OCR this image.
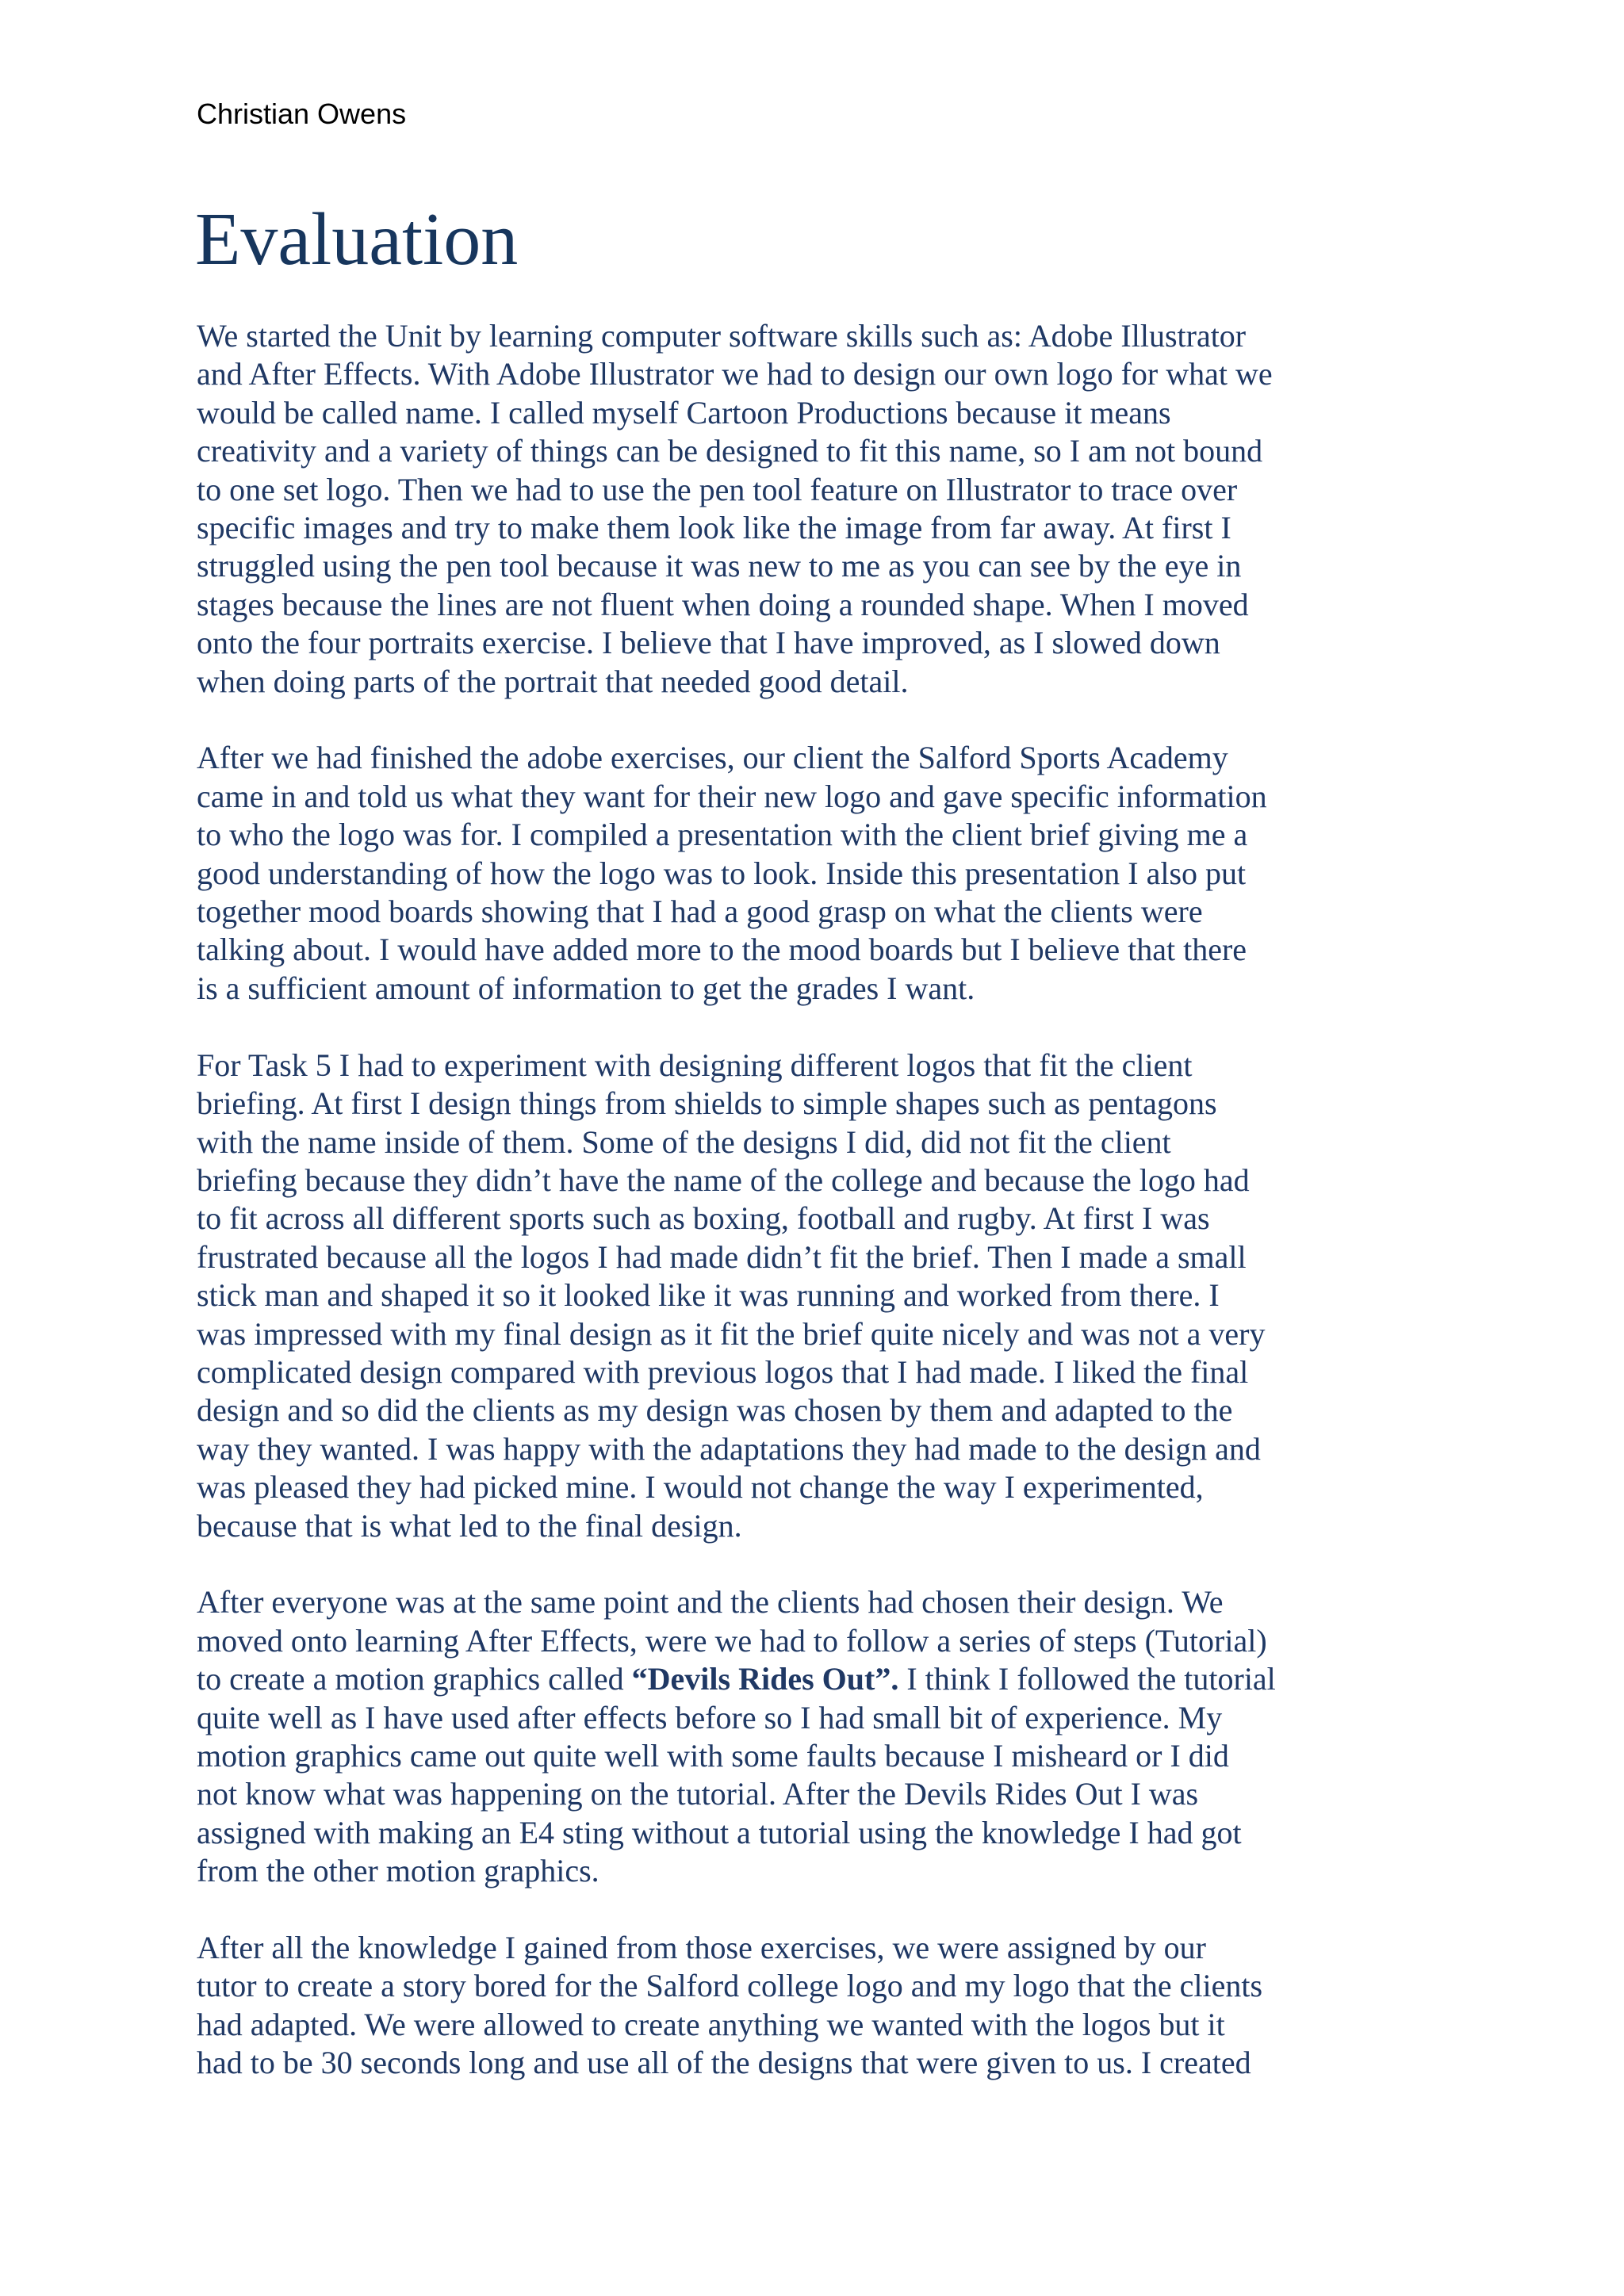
Christian Owens
Evaluation

We started the Unit by learning computer software skills such as: Adobe Illustrator
and After Effects. With Adobe Illustrator we had to design our own logo for what we
would be called name. I called myself Cartoon Productions because it means
creativity and a variety of things can be designed to fit this name, so I am not bound
to one set logo. Then we had to use the pen tool feature on Illustrator to trace over
specific images and try to make them look like the image from far away. At first I
struggled using the pen tool because it was new to me as you can see by the eye in
stages because the lines are not fluent when doing a rounded shape. When I moved
onto the four portraits exercise. I believe that I have improved, as I slowed down
when doing parts of the portrait that needed good detail.

After we had finished the adobe exercises, our client the Salford Sports Academy
came in and told us what they want for their new logo and gave specific information
to who the logo was for. I compiled a presentation with the client brief giving me a
good understanding of how the logo was to look. Inside this presentation I also put
together mood boards showing that I had a good grasp on what the clients were
talking about. I would have added more to the mood boards but I believe that there
is a sufficient amount of information to get the grades I want.

For Task 5 I had to experiment with designing different logos that fit the client
briefing. At first I design things from shields to simple shapes such as pentagons
with the name inside of them. Some of the designs I did, did not fit the client
briefing because they didn’t have the name of the college and because the logo had
to fit across all different sports such as boxing, football and rugby. At first I was
frustrated because all the logos I had made didn’t fit the brief. Then I made a small
stick man and shaped it so it looked like it was running and worked from there. I
was impressed with my final design as it fit the brief quite nicely and was not a very
complicated design compared with previous logos that I had made. I liked the final
design and so did the clients as my design was chosen by them and adapted to the
way they wanted. I was happy with the adaptations they had made to the design and
was pleased they had picked mine. I would not change the way I experimented,
because that is what led to the final design.

After everyone was at the same point and the clients had chosen their design. We
moved onto learning After Effects, were we had to follow a series of steps (Tutorial)
to create a motion graphics called “Devils Rides Out”. I think I followed the tutorial
quite well as I have used after effects before so I had small bit of experience. My
motion graphics came out quite well with some faults because I misheard or I did
not know what was happening on the tutorial. After the Devils Rides Out I was
assigned with making an E4 sting without a tutorial using the knowledge I had got
from the other motion graphics.

After all the knowledge I gained from those exercises, we were assigned by our
tutor to create a story bored for the Salford college logo and my logo that the clients
had adapted. We were allowed to create anything we wanted with the logos but it
had to be 30 seconds long and use all of the designs that were given to us. I created
